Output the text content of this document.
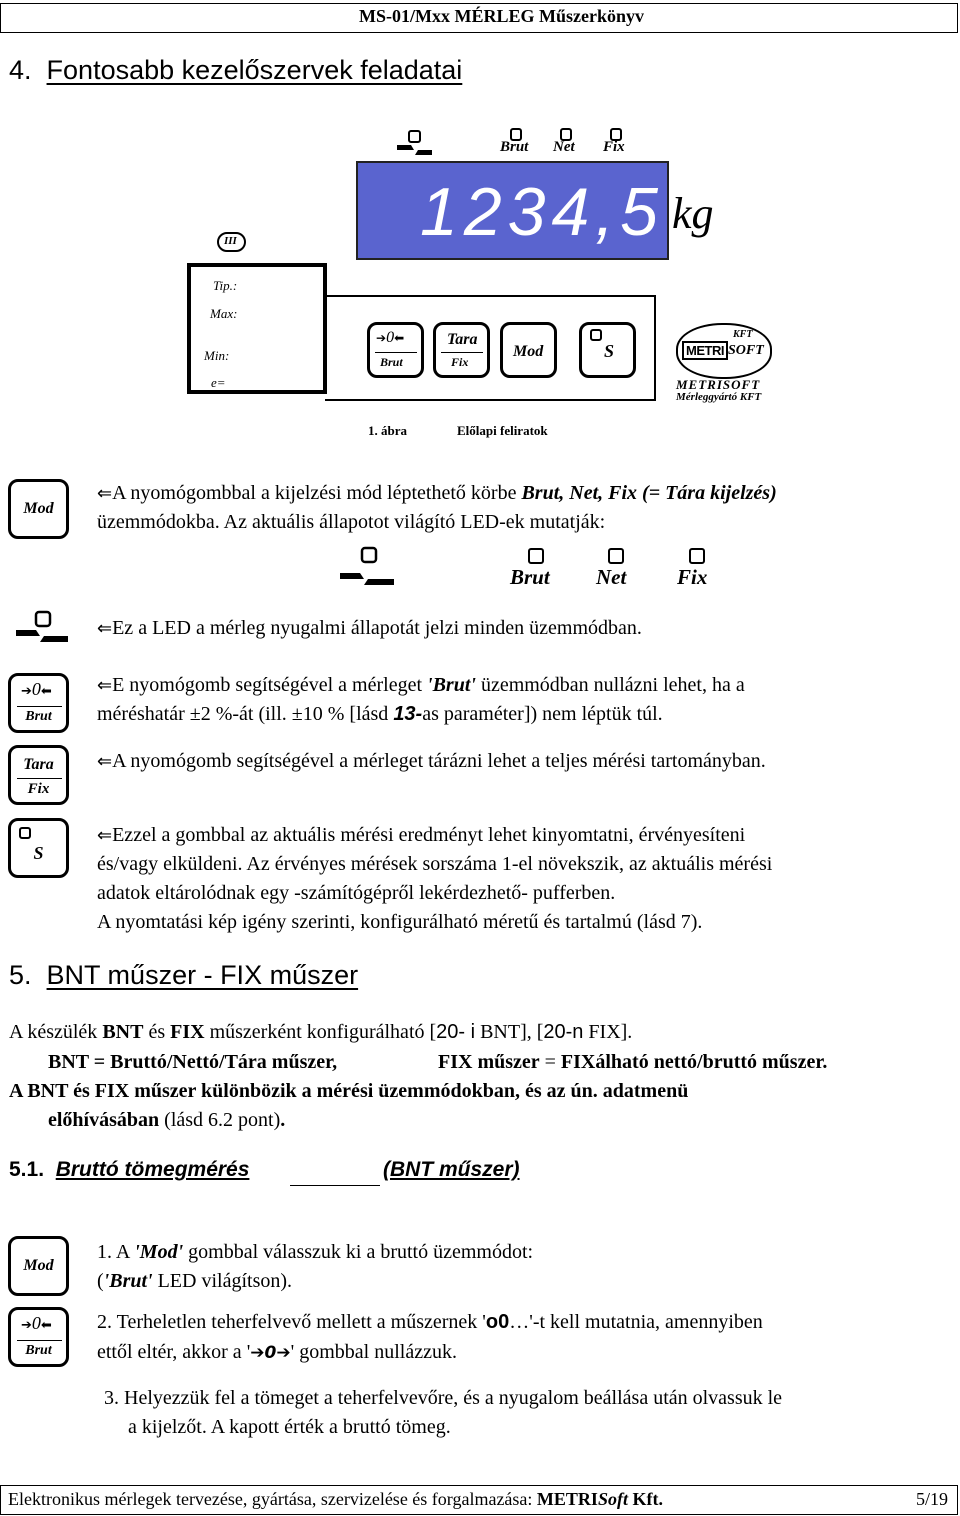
MS-01/Mxx MÉRLEG Műszerkönyv
4. Fontosabb kezelőszervek feladatai
Brut Net Fix
1234,5 kg
III
Tip.:
Max:
Min:
e=
➔0⬅
Brut
Tara
Fix
Mod	S	METRI
KFT
SOFT
METRISOFT
Mérleggyártó KFT
1. ábra	Előlapi feliratok
Mod
➔0⬅
Brut
Tara
Fix
S
⇐A nyomógombbal a kijelzési mód léptethető körbe Brut, Net, Fix (= Tára kijelzés)
üzemmódokba. Az aktuális állapotot világító LED-ek mutatják:
Brut Net Fix
⇐Ez a LED a mérleg nyugalmi állapotát jelzi minden üzemmódban.
⇐E nyomógomb segítségével a mérleget 'Brut' üzemmódban nullázni lehet, ha a
méréshatár ±2 %-át (ill. ±10 % [lásd 13-as paraméter]) nem léptük túl.
⇐A nyomógomb segítségével a mérleget tárázni lehet a teljes mérési tartományban.
⇐Ezzel a gombbal az aktuális mérési eredményt lehet kinyomtatni, érvényesíteni
és/vagy elküldeni. Az érvényes mérések sorszáma 1-el növekszik, az aktuális mérési
adatok eltárolódnak egy -számítógépről lekérdezhető- pufferben.
A nyomtatási kép igény szerinti, konfigurálható méretű és tartalmú (lásd 7).
5. BNT műszer - FIX műszer
A készülék BNT és FIX műszerként konfigurálható [20- i BNT], [20-n FIX].
BNT = Bruttó/Nettó/Tára műszer,	FIX műszer = FIXálható nettó/bruttó műszer.
A BNT és FIX műszer különbözik a mérési üzemmódokban, és az ún. adatmenü
előhívásában (lásd 6.2 pont).
5.1. Bruttó tömegmérés	(BNT műszer)
Mod
➔0⬅
Brut
1. A 'Mod' gombbal válasszuk ki a bruttó üzemmódot:
('Brut' LED világítson).
2. Terheletlen teherfelvevő mellett a műszernek 'o0…'-t kell mutatnia, amennyiben
ettől eltér, akkor a '➔0➔' gombbal nullázzuk.
3. Helyezzük fel a tömeget a teherfelvevőre, és a nyugalom beállása után olvassuk le
a kijelzőt. A kapott érték a bruttó tömeg.
Elektronikus mérlegek tervezése, gyártása, szervizelése és forgalmazása: METRISoft Kft.	5/19
